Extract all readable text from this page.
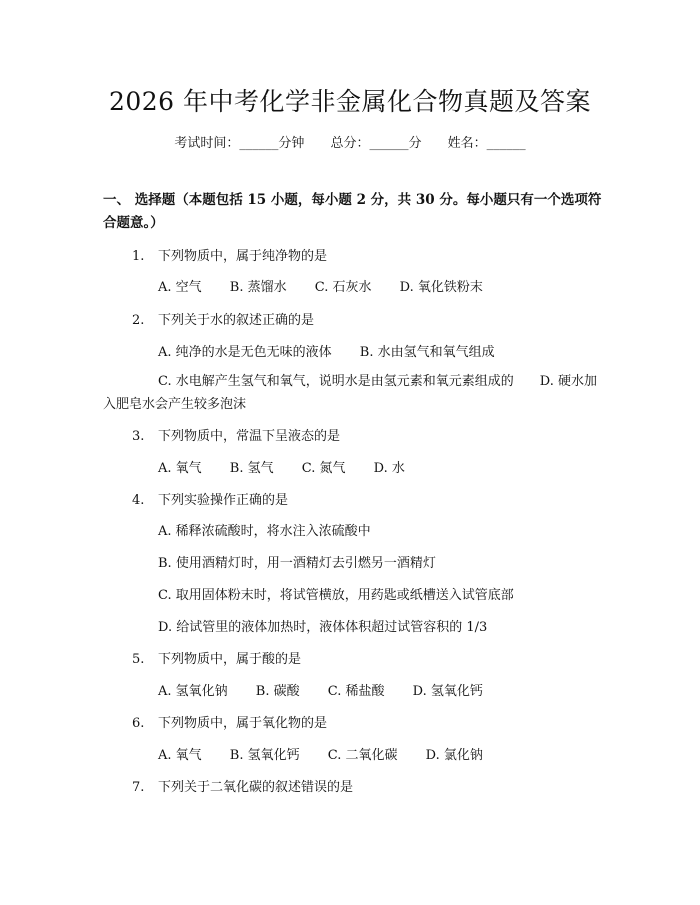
2026 年中考化学非金属化合物真题及答案
考试时间：______分钟 总分：______分 姓名：______
一、 选择题（本题包括 15 小题，每小题 2 分，共 30 分。每小题只有一个选项符合题意。）
1. 下列物质中，属于纯净物的是
A. 空气 B. 蒸馏水 C. 石灰水 D. 氧化铁粉末
2. 下列关于水的叙述正确的是
A. 纯净的水是无色无味的液体 B. 水由氢气和氧气组成
C. 水电解产生氢气和氧气，说明水是由氢元素和氧元素组成的　　D. 硬水加入肥皂水会产生较多泡沫
3. 下列物质中，常温下呈液态的是
A. 氧气 B. 氢气 C. 氮气 D. 水
4. 下列实验操作正确的是
A. 稀释浓硫酸时，将水注入浓硫酸中
B. 使用酒精灯时，用一酒精灯去引燃另一酒精灯
C. 取用固体粉末时，将试管横放，用药匙或纸槽送入试管底部
D. 给试管里的液体加热时，液体体积超过试管容积的 1/3
5. 下列物质中，属于酸的是
A. 氢氧化钠 B. 碳酸 C. 稀盐酸 D. 氢氧化钙
6. 下列物质中，属于氧化物的是
A. 氧气 B. 氢氧化钙 C. 二氧化碳 D. 氯化钠
7. 下列关于二氧化碳的叙述错误的是
